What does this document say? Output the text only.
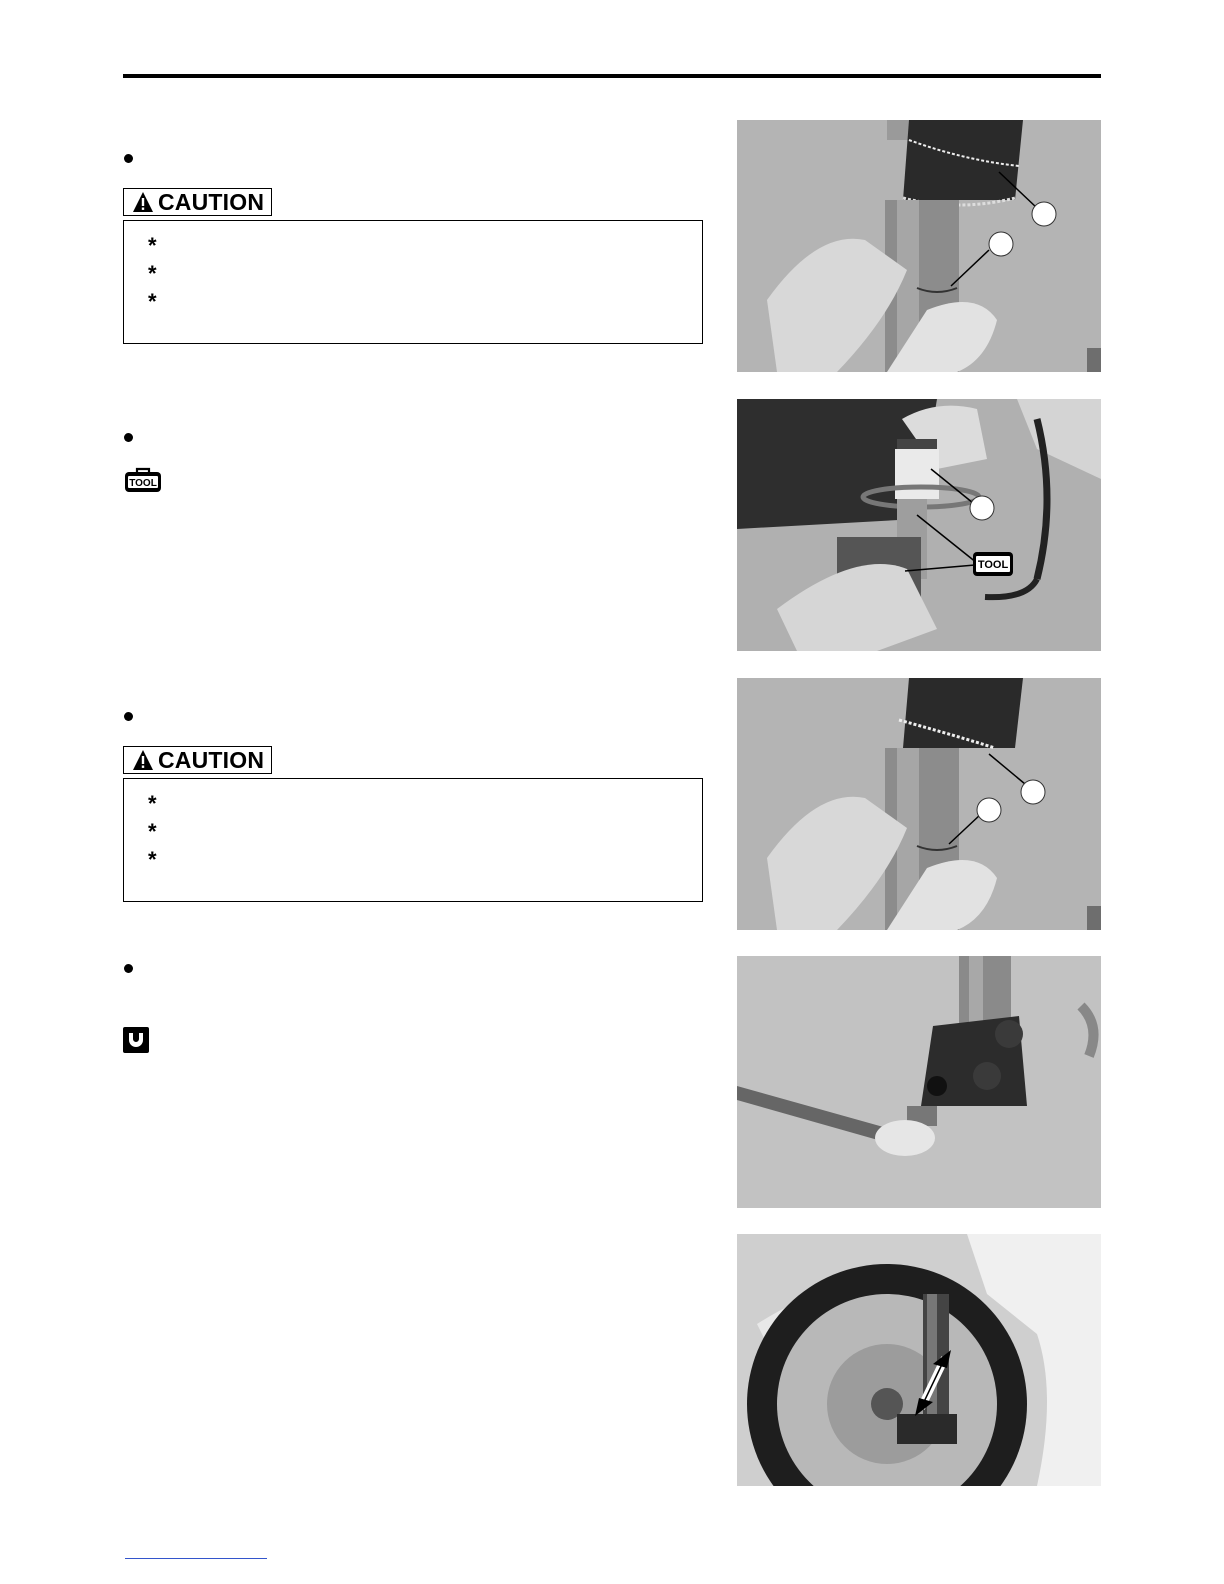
CAUTION
*
*
*
TOOL
CAUTION
*
*
*
TOOL
